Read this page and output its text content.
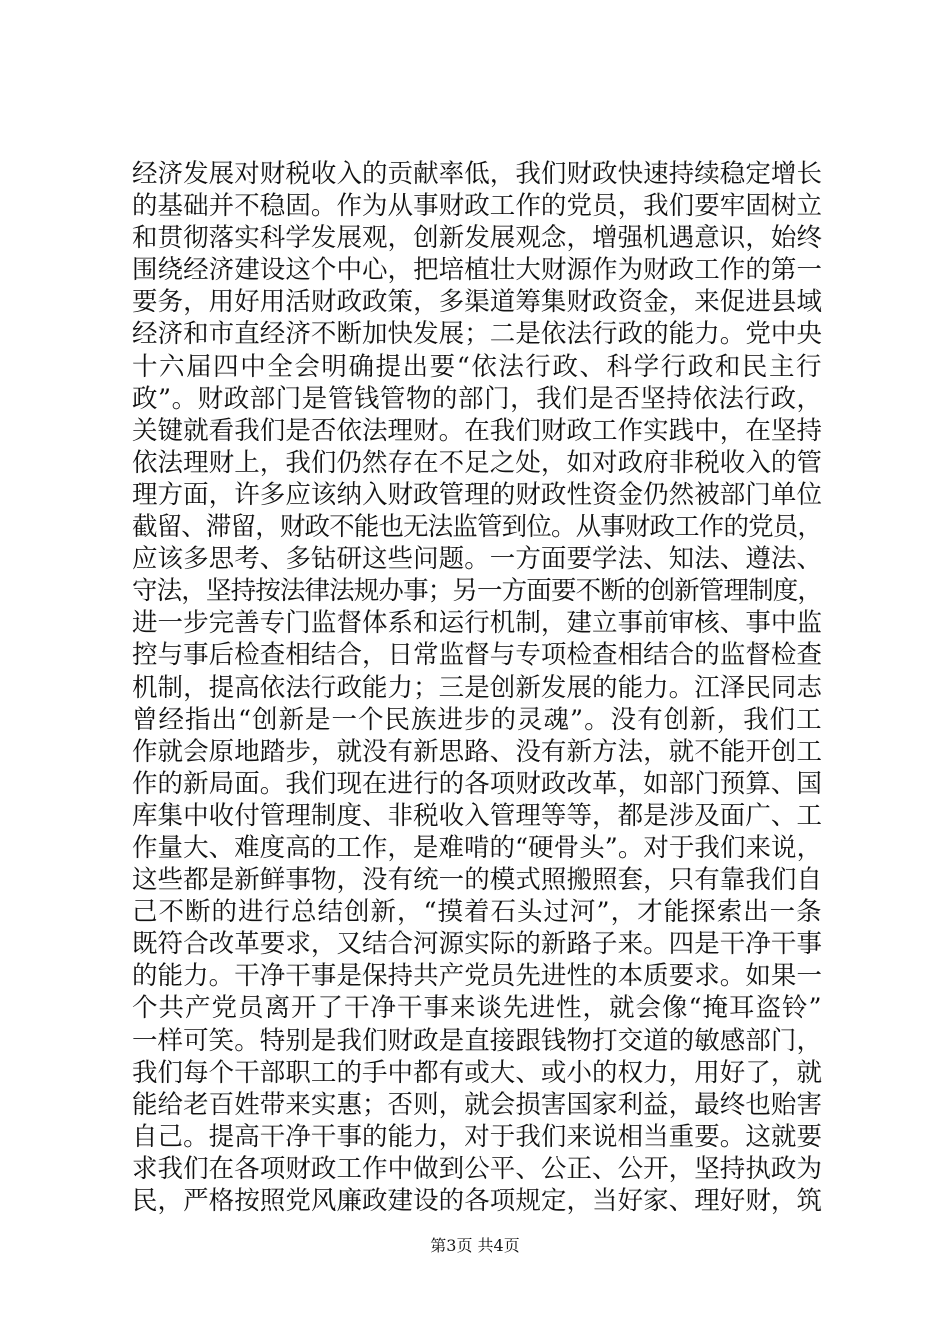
经济发展对财税收入的贡献率低，我们财政快速持续稳定增长
的基础并不稳固。作为从事财政工作的党员，我们要牢固树立
和贯彻落实科学发展观，创新发展观念，增强机遇意识，始终
围绕经济建设这个中心，把培植壮大财源作为财政工作的第一
要务，用好用活财政政策，多渠道筹集财政资金，来促进县域
经济和市直经济不断加快发展；二是依法行政的能力。党中央
十六届四中全会明确提出要“依法行政、科学行政和民主行
政”。财政部门是管钱管物的部门，我们是否坚持依法行政，
关键就看我们是否依法理财。在我们财政工作实践中，在坚持
依法理财上，我们仍然存在不足之处，如对政府非税收入的管
理方面，许多应该纳入财政管理的财政性资金仍然被部门单位
截留、滞留，财政不能也无法监管到位。从事财政工作的党员，
应该多思考、多钻研这些问题。一方面要学法、知法、遵法、
守法，坚持按法律法规办事；另一方面要不断的创新管理制度，
进一步完善专门监督体系和运行机制，建立事前审核、事中监
控与事后检查相结合，日常监督与专项检查相结合的监督检查
机制，提高依法行政能力；三是创新发展的能力。江泽民同志
曾经指出“创新是一个民族进步的灵魂”。没有创新，我们工
作就会原地踏步，就没有新思路、没有新方法，就不能开创工
作的新局面。我们现在进行的各项财政改革，如部门预算、国
库集中收付管理制度、非税收入管理等等，都是涉及面广、工
作量大、难度高的工作，是难啃的“硬骨头”。对于我们来说，
这些都是新鲜事物，没有统一的模式照搬照套，只有靠我们自
己不断的进行总结创新，“摸着石头过河”，才能探索出一条
既符合改革要求，又结合河源实际的新路子来。四是干净干事
的能力。干净干事是保持共产党员先进性的本质要求。如果一
个共产党员离开了干净干事来谈先进性，就会像“掩耳盗铃”
一样可笑。特别是我们财政是直接跟钱物打交道的敏感部门，
我们每个干部职工的手中都有或大、或小的权力，用好了，就
能给老百姓带来实惠；否则，就会损害国家利益，最终也贻害
自己。提高干净干事的能力，对于我们来说相当重要。这就要
求我们在各项财政工作中做到公平、公正、公开，坚持执政为
民，严格按照党风廉政建设的各项规定，当好家、理好财，筑
第3页 共4页
